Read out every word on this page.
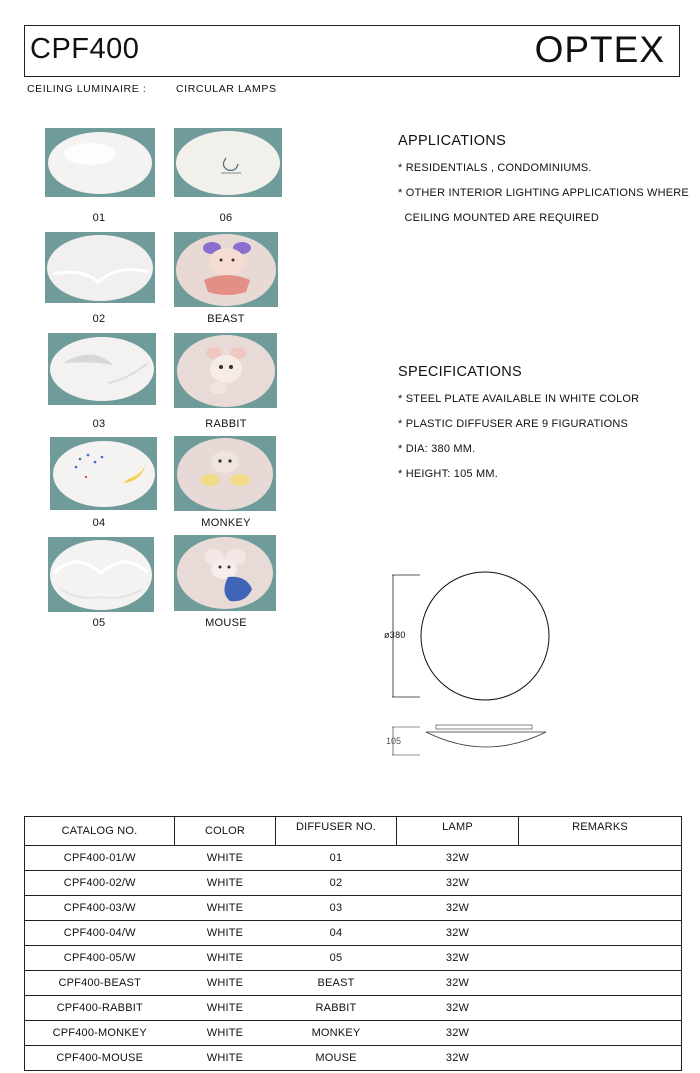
CPF400	OPTEX
CEILING LUMINAIRE :	CIRCULAR LAMPS
01	06
02	BEAST
03	RABBIT
04	MONKEY
05	MOUSE
APPLICATIONS
* RESIDENTIALS , CONDOMINIUMS.
* OTHER INTERIOR LIGHTING APPLICATIONS WHERE
CEILING MOUNTED ARE REQUIRED
SPECIFICATIONS
* STEEL PLATE AVAILABLE IN WHITE COLOR
* PLASTIC DIFFUSER ARE 9 FIGURATIONS
* DIA: 380 MM.
* HEIGHT: 105 MM.
ø380
105
CATALOG NO.	COLOR	DIFFUSER NO.	LAMP	REMARKS
CPF400-01/W	WHITE	01	32W	
CPF400-02/W	WHITE	02	32W	
CPF400-03/W	WHITE	03	32W	
CPF400-04/W	WHITE	04	32W	
CPF400-05/W	WHITE	05	32W	
CPF400-BEAST	WHITE	BEAST	32W	
CPF400-RABBIT	WHITE	RABBIT	32W	
CPF400-MONKEY	WHITE	MONKEY	32W	
CPF400-MOUSE	WHITE	MOUSE	32W	
